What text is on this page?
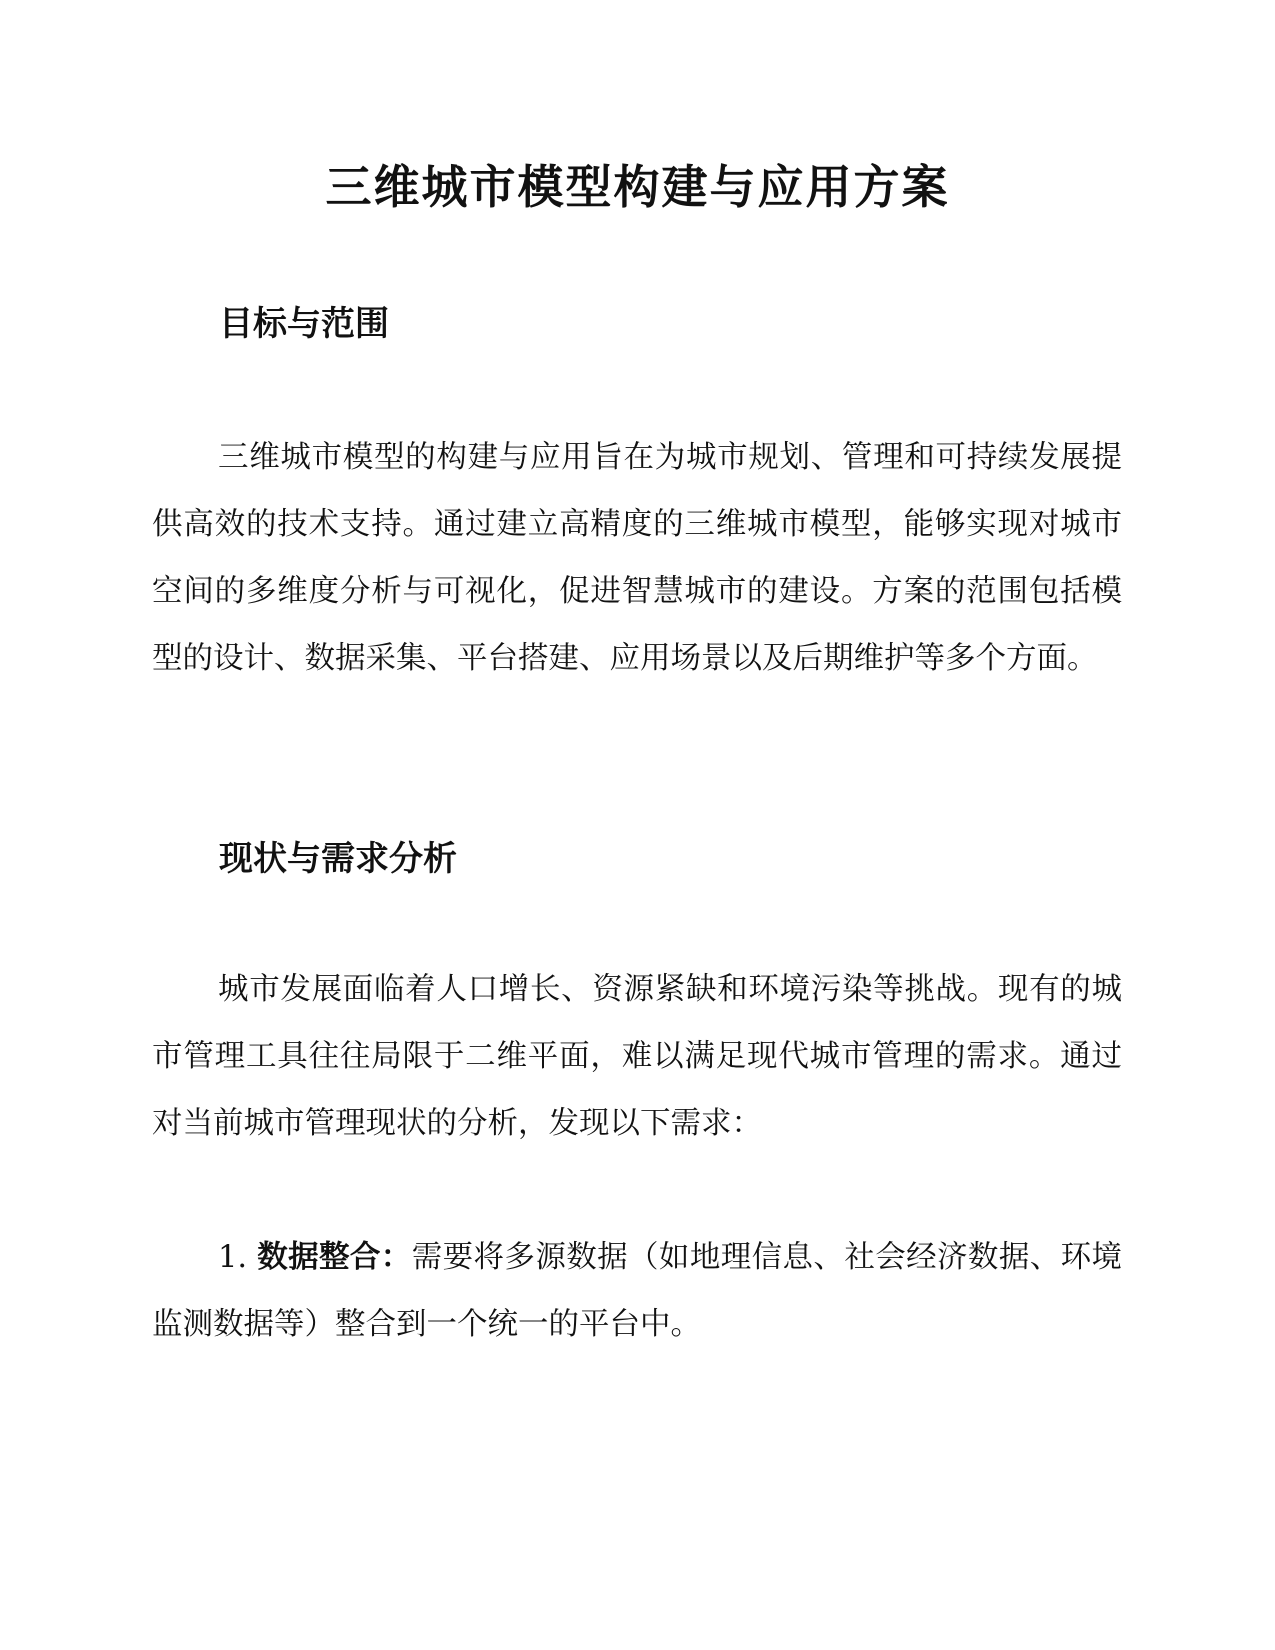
三维城市模型构建与应用方案
目标与范围

三维城市模型的构建与应用旨在为城市规划、管理和可持续发展提供高效的技术支持。通过建立高精度的三维城市模型，能够实现对城市空间的多维度分析与可视化，促进智慧城市的建设。方案的范围包括模型的设计、数据采集、平台搭建、应用场景以及后期维护等多个方面。

现状与需求分析

城市发展面临着人口增长、资源紧缺和环境污染等挑战。现有的城市管理工具往往局限于二维平面，难以满足现代城市管理的需求。通过对当前城市管理现状的分析，发现以下需求：

1. 数据整合：需要将多源数据（如地理信息、社会经济数据、环境监测数据等）整合到一个统一的平台中。
